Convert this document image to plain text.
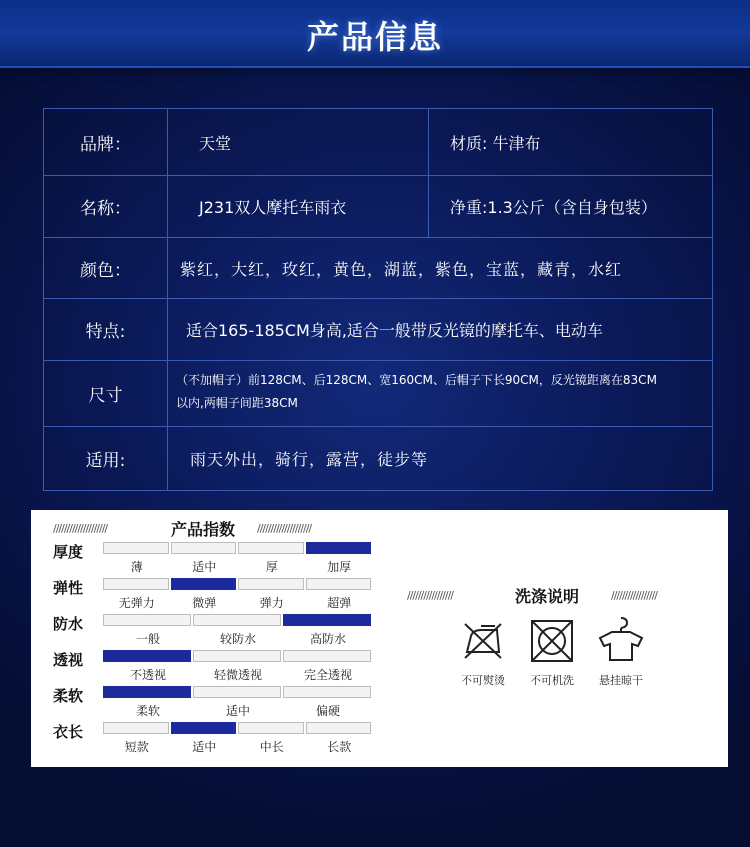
产品信息
品牌：	天堂	材质: 牛津布
名称：	J231双人摩托车雨衣	净重:1.3公斤（含自身包装）
颜色：	紫红，大红，玫红，黄色，湖蓝，紫色，宝蓝，藏青，水红
特点:	适合165-185CM身高,适合一般带反光镜的摩托车、电动车
尺寸
（不加帽子）前128CM、后128CM、宽160CM、后帽子下长90CM，反光镜距离在83CM
以内,两帽子间距38CM
适用:	雨天外出，骑行，露营，徒步等
////////////////////	产品指数 ////////////////////
厚度
薄	适中	厚	加厚
弹性
无弹力	微弹	弹力	超弹
防水
一般	较防水	高防水
透视
不透视	轻微透视	完全透视
柔软
柔软	适中	偏硬
衣长
短款	适中	中长	长款
/////////////////	洗涤说明	/////////////////
不可熨烫	不可机洗	悬挂晾干
